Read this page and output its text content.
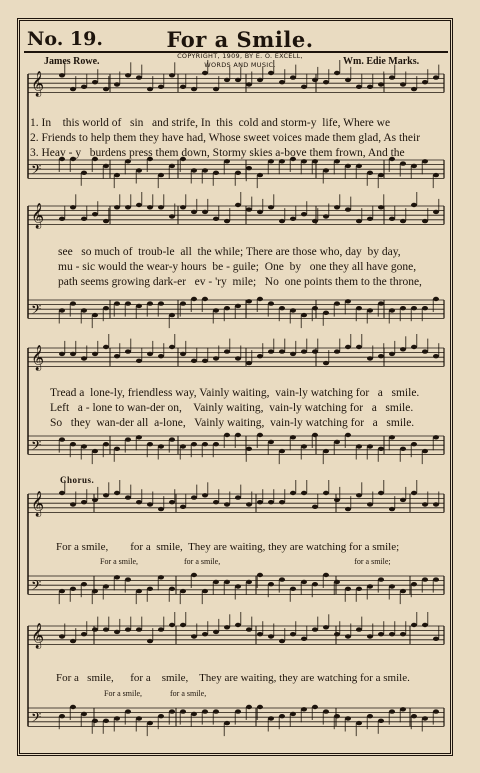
No. 19.	For a Smile.
James Rowe.	COPYRIGHT, 1909, BY E. O. EXCELL,
WORDS AND MUSIC.	Wm. Edie Marks.
𝄞
𝄢
𝄞
𝄢
𝄞
𝄢
𝄞
𝄢
𝄞
𝄢
1. In    this world of   sin   and strife, In  this  cold and storm-y  life, Where we
2. Friends to help them they have had, Whose sweet voices made them glad, As their
3. Heav - y   burdens press them down, Stormy skies a-bove them frown, And the
see   so much of  troub-le  all  the while; There are those who, day  by day,
mu - sic would the wear-y hours  be - guile;  One  by   one they all have gone,
path seems growing dark-er   ev - 'ry  mile;   No  one points them to the throne,
Tread a  lone-ly, friendless way, Vainly waiting,  vain-ly watching for   a   smile.
Left   a - lone to wan-der on,    Vainly waiting,  vain-ly watching for   a   smile.
So   they  wan-der all  a-lone,   Vainly waiting,  vain-ly watching for   a   smile.
Chorus.
For a smile,        for a  smile,  They are waiting, they are watching for a smile;
For a smile,                       for a smile,                                                                   for a smile;
For a   smile,      for a    smile,    They are waiting, they are watching for a smile.
For a smile,              for a smile,
